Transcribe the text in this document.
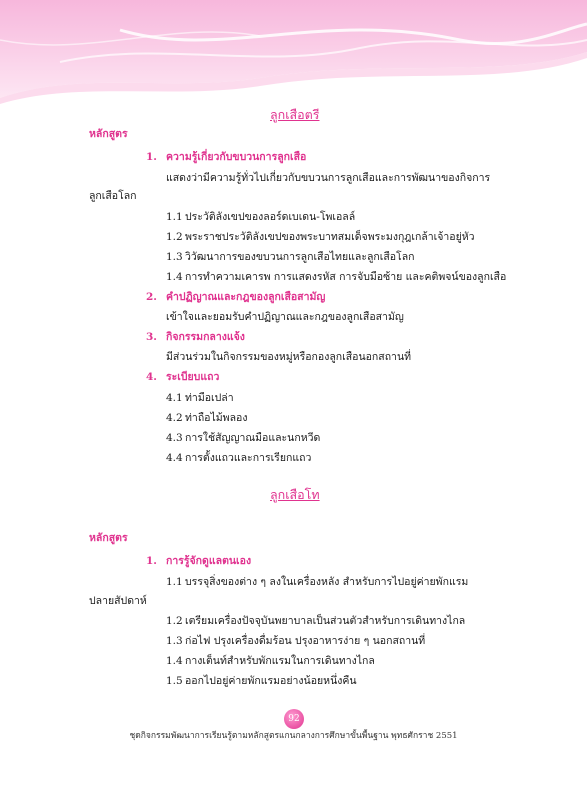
ลูกเสือตรี
หลักสูตร
1. ความรู้เกี่ยวกับขบวนการลูกเสือ
แสดงว่ามีความรู้ทั่วไปเกี่ยวกับขบวนการลูกเสือและการพัฒนาของกิจการ
ลูกเสือโลก
1.1 ประวัติลังเขปของลอร์ดเบเดน-โพเอลล์
1.2 พระราชประวัติลังเขปของพระบาทสมเด็จพระมงกุฎเกล้าเจ้าอยู่หัว
1.3 วิวัฒนาการของขบวนการลูกเสือไทยและลูกเสือโลก
1.4 การทำความเคารพ การแสดงรหัส การจับมือซ้าย และคติพจน์ของลูกเสือ
2. คำปฏิญาณและกฎของลูกเสือสามัญ
เข้าใจและยอมรับคำปฏิญาณและกฎของลูกเสือสามัญ
3. กิจกรรมกลางแจ้ง
มีส่วนร่วมในกิจกรรมของหมู่หรือกองลูกเสือนอกสถานที่
4. ระเบียบแถว
4.1 ท่ามือเปล่า
4.2 ท่าถือไม้พลอง
4.3 การใช้สัญญาณมือและนกหวีด
4.4 การตั้งแถวและการเรียกแถว
ลูกเสือโท
หลักสูตร
1. การรู้จักดูแลตนเอง
1.1 บรรจุสิ่งของต่าง ๆ ลงในเครื่องหลัง สำหรับการไปอยู่ค่ายพักแรม
ปลายสัปดาห์
1.2 เตรียมเครื่องปัจจุบันพยาบาลเป็นส่วนตัวสำหรับการเดินทางไกล
1.3 ก่อไฟ ปรุงเครื่องดื่มร้อน ปรุงอาหารง่าย ๆ นอกสถานที่
1.4 กางเต็นท์สำหรับพักแรมในการเดินทางไกล
1.5 ออกไปอยู่ค่ายพักแรมอย่างน้อยหนึ่งคืน
92
ชุดกิจกรรมพัฒนาการเรียนรู้ตามหลักสูตรแกนกลางการศึกษาขั้นพื้นฐาน พุทธศักราช 2551
